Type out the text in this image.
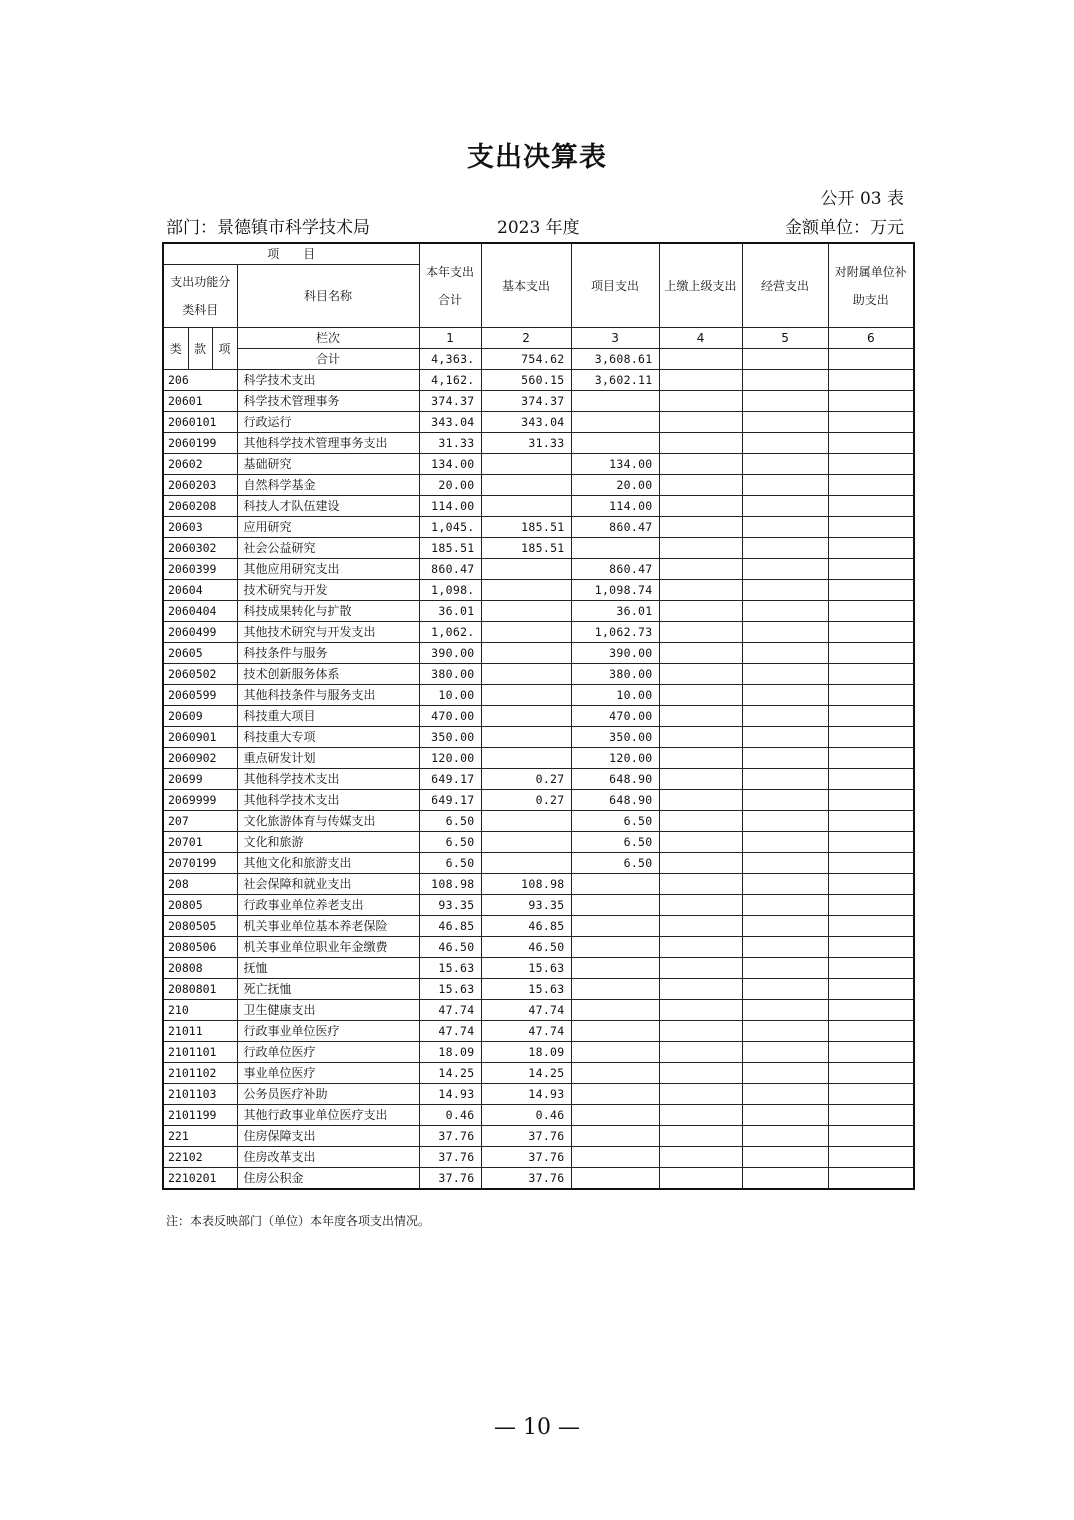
支出决算表
公开 03 表
部门：景德镇市科学技术局	2023 年度	金额单位：万元
项　　目				本年支出合计	基本支出	项目支出	上缴上级支出	经营支出	对附属单位补助支出
支出功能分类科目			科目名称						
类	款	项	栏次	1	2	3	4	5	6
			合计	4,363.	754.62	3,608.61			
206			科学技术支出	4,162.	560.15	3,602.11			
20601			科学技术管理事务	374.37	374.37				
2060101			行政运行	343.04	343.04				
2060199			其他科学技术管理事务支出	31.33	31.33				
20602			基础研究	134.00		134.00			
2060203			自然科学基金	20.00		20.00			
2060208			科技人才队伍建设	114.00		114.00			
20603			应用研究	1,045.	185.51	860.47			
2060302			社会公益研究	185.51	185.51				
2060399			其他应用研究支出	860.47		860.47			
20604			技术研究与开发	1,098.		1,098.74			
2060404			科技成果转化与扩散	36.01		36.01			
2060499			其他技术研究与开发支出	1,062.		1,062.73			
20605			科技条件与服务	390.00		390.00			
2060502			技术创新服务体系	380.00		380.00			
2060599			其他科技条件与服务支出	10.00		10.00			
20609			科技重大项目	470.00		470.00			
2060901			科技重大专项	350.00		350.00			
2060902			重点研发计划	120.00		120.00			
20699			其他科学技术支出	649.17	0.27	648.90			
2069999			其他科学技术支出	649.17	0.27	648.90			
207			文化旅游体育与传媒支出	6.50		6.50			
20701			文化和旅游	6.50		6.50			
2070199			其他文化和旅游支出	6.50		6.50			
208			社会保障和就业支出	108.98	108.98				
20805			行政事业单位养老支出	93.35	93.35				
2080505			机关事业单位基本养老保险	46.85	46.85				
2080506			机关事业单位职业年金缴费	46.50	46.50				
20808			抚恤	15.63	15.63				
2080801			死亡抚恤	15.63	15.63				
210			卫生健康支出	47.74	47.74				
21011			行政事业单位医疗	47.74	47.74				
2101101			行政单位医疗	18.09	18.09				
2101102			事业单位医疗	14.25	14.25				
2101103			公务员医疗补助	14.93	14.93				
2101199			其他行政事业单位医疗支出	0.46	0.46				
221			住房保障支出	37.76	37.76				
22102			住房改革支出	37.76	37.76				
2210201			住房公积金	37.76	37.76				
注：本表反映部门（单位）本年度各项支出情况。
— 10 —
